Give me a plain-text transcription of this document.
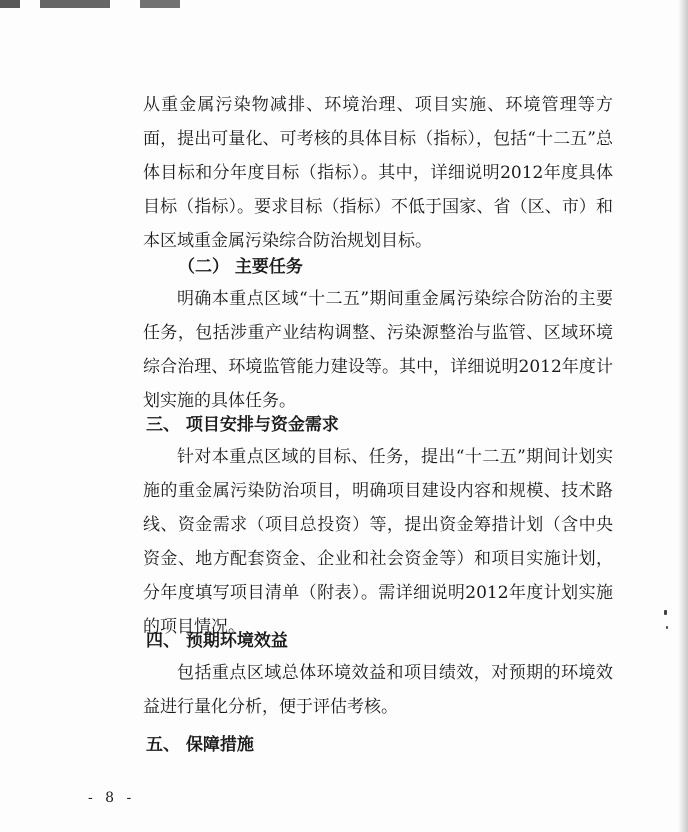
从重金属污染物减排、环境治理、项目实施、环境管理等方面，提出可量化、可考核的具体目标（指标），包括“十二五”总体目标和分年度目标（指标）。其中，详细说明2012年度具体目标（指标）。要求目标（指标）不低于国家、省（区、市）和本区域重金属污染综合防治规划目标。
（二） 主要任务
明确本重点区域“十二五”期间重金属污染综合防治的主要任务，包括涉重产业结构调整、污染源整治与监管、区域环境综合治理、环境监管能力建设等。其中，详细说明2012年度计划实施的具体任务。
三、 项目安排与资金需求
针对本重点区域的目标、任务，提出“十二五”期间计划实施的重金属污染防治项目，明确项目建设内容和规模、技术路线、资金需求（项目总投资）等，提出资金筹措计划（含中央资金、地方配套资金、企业和社会资金等）和项目实施计划，分年度填写项目清单（附表）。需详细说明2012年度计划实施的项目情况。
四、 预期环境效益
包括重点区域总体环境效益和项目绩效，对预期的环境效益进行量化分析，便于评估考核。
五、 保障措施
- 8 -
